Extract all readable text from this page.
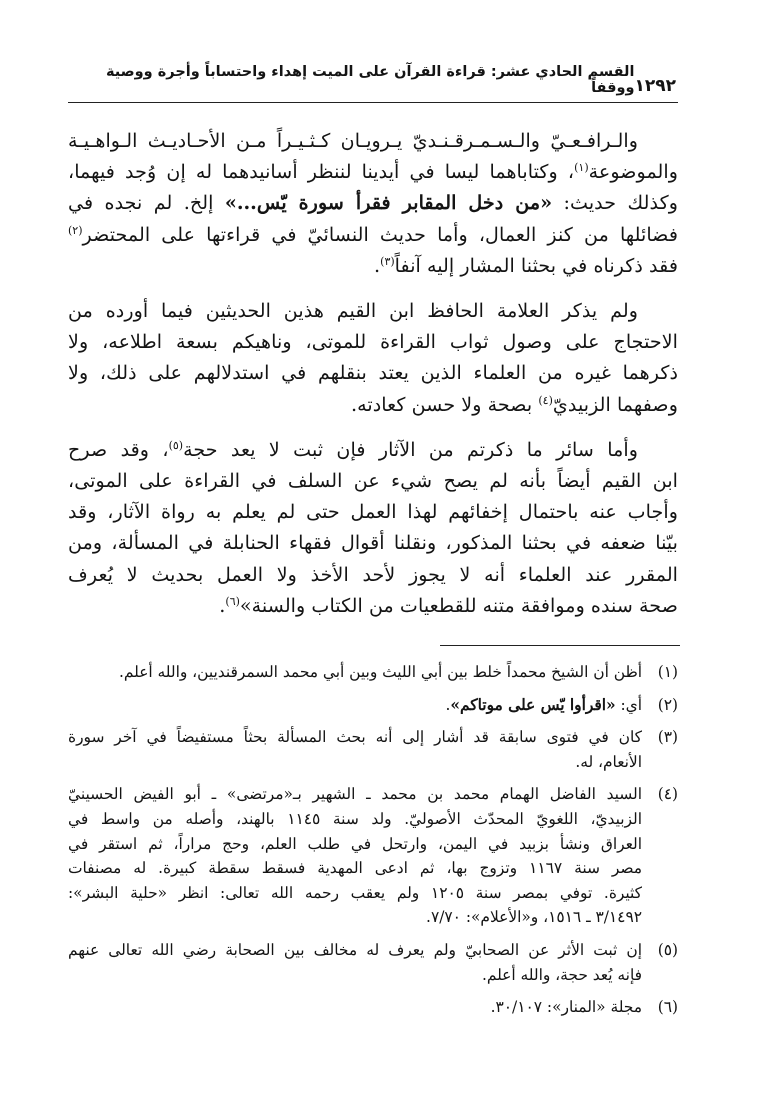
١٢٩٢
القسم الحادي عشر: قراءة القرآن على الميت إهداء واحتساباً وأجرة ووصية ووقفاً

والـرافـعـيّ والـسـمـرقـنـديّ يـرويـان كـثـيـراً مـن الأحـاديـث الـواهـيـة
والموضوعة$^{(١)}$، وكتاباهما ليسا في أيدينا لننظر أسانيدهما له إن وُجد فيهما،
وكذلك حديث: «من دخل المقابر فقرأ سورة يّس...» إلخ. لم نجده في
فضائلها من كنز العمال، وأما حديث النسائيّ في قراءتها على المحتضر$^{(٢)}$
فقد ذكرناه في بحثنا المشار إليه آنفاً$^{(٣)}$.

ولم يذكر العلامة الحافظ ابن القيم هذين الحديثين فيما أورده من
الاحتجاج على وصول ثواب القراءة للموتى، وناهيكم بسعة اطلاعه، ولا
ذكرهما غيره من العلماء الذين يعتد بنقلهم في استدلالهم على ذلك، ولا
وصفهما الزبيديّ$^{(٤)}$ بصحة ولا حسن كعادته.

وأما سائر ما ذكرتم من الآثار فإن ثبت لا يعد حجة$^{(٥)}$، وقد صرح
ابن القيم أيضاً بأنه لم يصح شيء عن السلف في القراءة على الموتى،
وأجاب عنه باحتمال إخفائهم لهذا العمل حتى لم يعلم به رواة الآثار، وقد
بيّنا ضعفه في بحثنا المذكور، ونقلنا أقوال فقهاء الحنابلة في المسألة، ومن
المقرر عند العلماء أنه لا يجوز لأحد الأخذ ولا العمل بحديث لا يُعرف
صحة سنده وموافقة متنه للقطعيات من الكتاب والسنة»$^{(٦)}$.

(١)
أظن أن الشيخ محمداً خلط بين أبي الليث وبين أبي محمد السمرقنديين، والله أعلم.
(٢)
أي: «اقرأوا يّس على موتاكم».
(٣)
كان في فتوى سابقة قد أشار إلى أنه بحث المسألة بحثاً مستفيضاً في آخر سورة
الأنعام، له.
(٤)
السيد الفاضل الهمام محمد بن محمد ـ الشهير بـ«مرتضى» ـ أبو الفيض الحسينيّ
الزبيديّ، اللغويّ المحدّث الأصوليّ. ولد سنة ١١٤٥ بالهند، وأصله من واسط في
العراق ونشأ بزبيد في اليمن، وارتحل في طلب العلم، وحج مراراً، ثم استقر في
مصر سنة ١١٦٧ وتزوج بها، ثم ادعى المهدية فسقط سقطة كبيرة. له مصنفات
كثيرة. توفي بمصر سنة ١٢٠٥ ولم يعقب رحمه الله تعالى: انظر «حلية البشر»:
٣/١٤٩٢ ـ ١٥١٦، و«الأعلام»: ٧/٧٠.
(٥)
إن ثبت الأثر عن الصحابيّ ولم يعرف له مخالف بين الصحابة رضي الله تعالى عنهم
فإنه يُعد حجة، والله أعلم.
(٦)
مجلة «المنار»: ٣٠/١٠٧.
